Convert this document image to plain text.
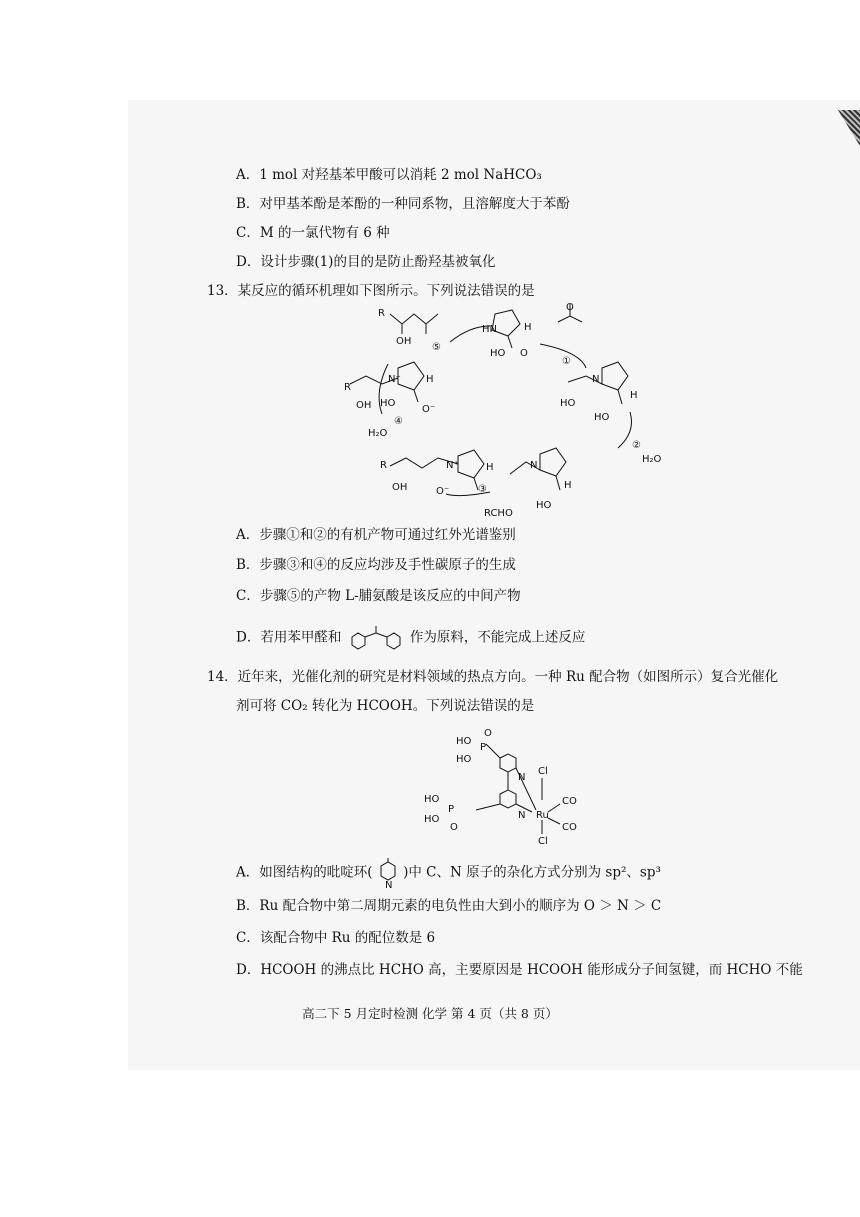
A．1 mol 对羟基苯甲酸可以消耗 2 mol NaHCO₃
B．对甲基苯酚是苯酚的一种同系物，且溶解度大于苯酚
C．M 的一氯代物有 6 种
D．设计步骤(1)的目的是防止酚羟基被氧化
13．某反应的循环机理如下图所示。下列说法错误的是
R
OH
HN	H
HO O
O
①
N
H
HO
HO
②
H₂O
N
H
HO
③
RCHO
R
OH
N⁺	H
O⁻
R
OH
N⁺	H
HO
O⁻
④
H₂O
⑤
A．步骤①和②的有机产物可通过红外光谱鉴别
B．步骤③和④的反应均涉及手性碳原子的生成
C．步骤⑤的产物 L-脯氨酸是该反应的中间产物
D．若用苯甲醛和	作为原料，不能完成上述反应
14．近年来，光催化剂的研究是材料领域的热点方向。一种 Ru 配合物（如图所示）复合光催化
剂可将 CO₂ 转化为 HCOOH。下列说法错误的是
HO
HO
P
O
N
Ru
Cl
Cl
CO
CO
N
HO
HO
P
O
A．如图结构的吡啶环(
N
)中 C、N 原子的杂化方式分别为 sp²、sp³
B．Ru 配合物中第二周期元素的电负性由大到小的顺序为 O ＞ N ＞ C
C．该配合物中 Ru 的配位数是 6
D．HCOOH 的沸点比 HCHO 高，主要原因是 HCOOH 能形成分子间氢键，而 HCHO 不能
高二下 5 月定时检测 化学 第 4 页（共 8 页）
